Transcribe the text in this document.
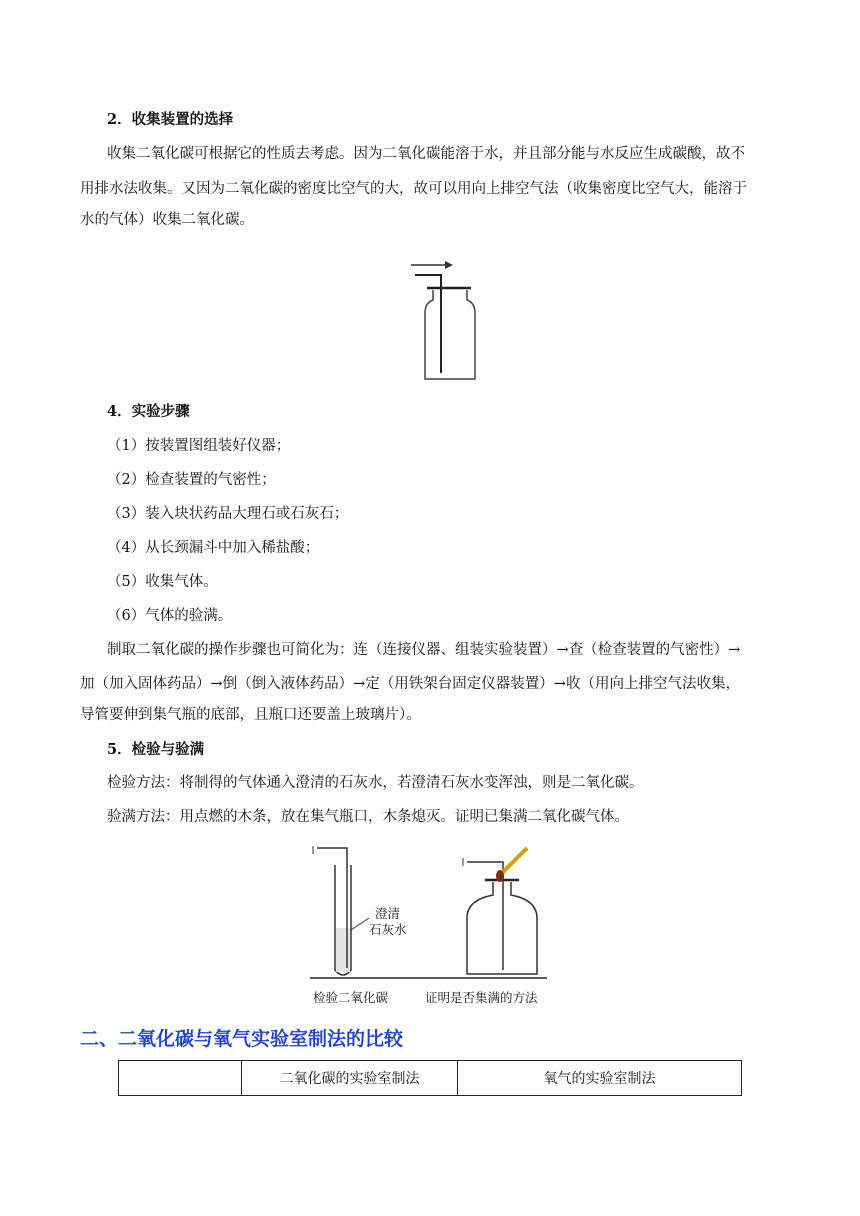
2．收集装置的选择
收集二氧化碳可根据它的性质去考虑。因为二氧化碳能溶于水，并且部分能与水反应生成碳酸，故不
用排水法收集。又因为二氧化碳的密度比空气的大，故可以用向上排空气法（收集密度比空气大，能溶于
水的气体）收集二氧化碳。
4．实验步骤
（1）按装置图组装好仪器；
（2）检查装置的气密性；
（3）装入块状药品大理石或石灰石；
（4）从长颈漏斗中加入稀盐酸；
（5）收集气体。
（6）气体的验满。
制取二氧化碳的操作步骤也可简化为：连（连接仪器、组装实验装置）→查（检查装置的气密性）→
加（加入固体药品）→倒（倒入液体药品）→定（用铁架台固定仪器装置）→收（用向上排空气法收集，
导管要伸到集气瓶的底部，且瓶口还要盖上玻璃片）。
5．检验与验满
检验方法：将制得的气体通入澄清的石灰水，若澄清石灰水变浑浊，则是二氧化碳。
验满方法：用点燃的木条，放在集气瓶口，木条熄灭。证明已集满二氧化碳气体。
澄清
石灰水
检验二氧化碳	证明是否集满的方法
二、二氧化碳与氧气实验室制法的比较
	二氧化碳的实验室制法	氧气的实验室制法
